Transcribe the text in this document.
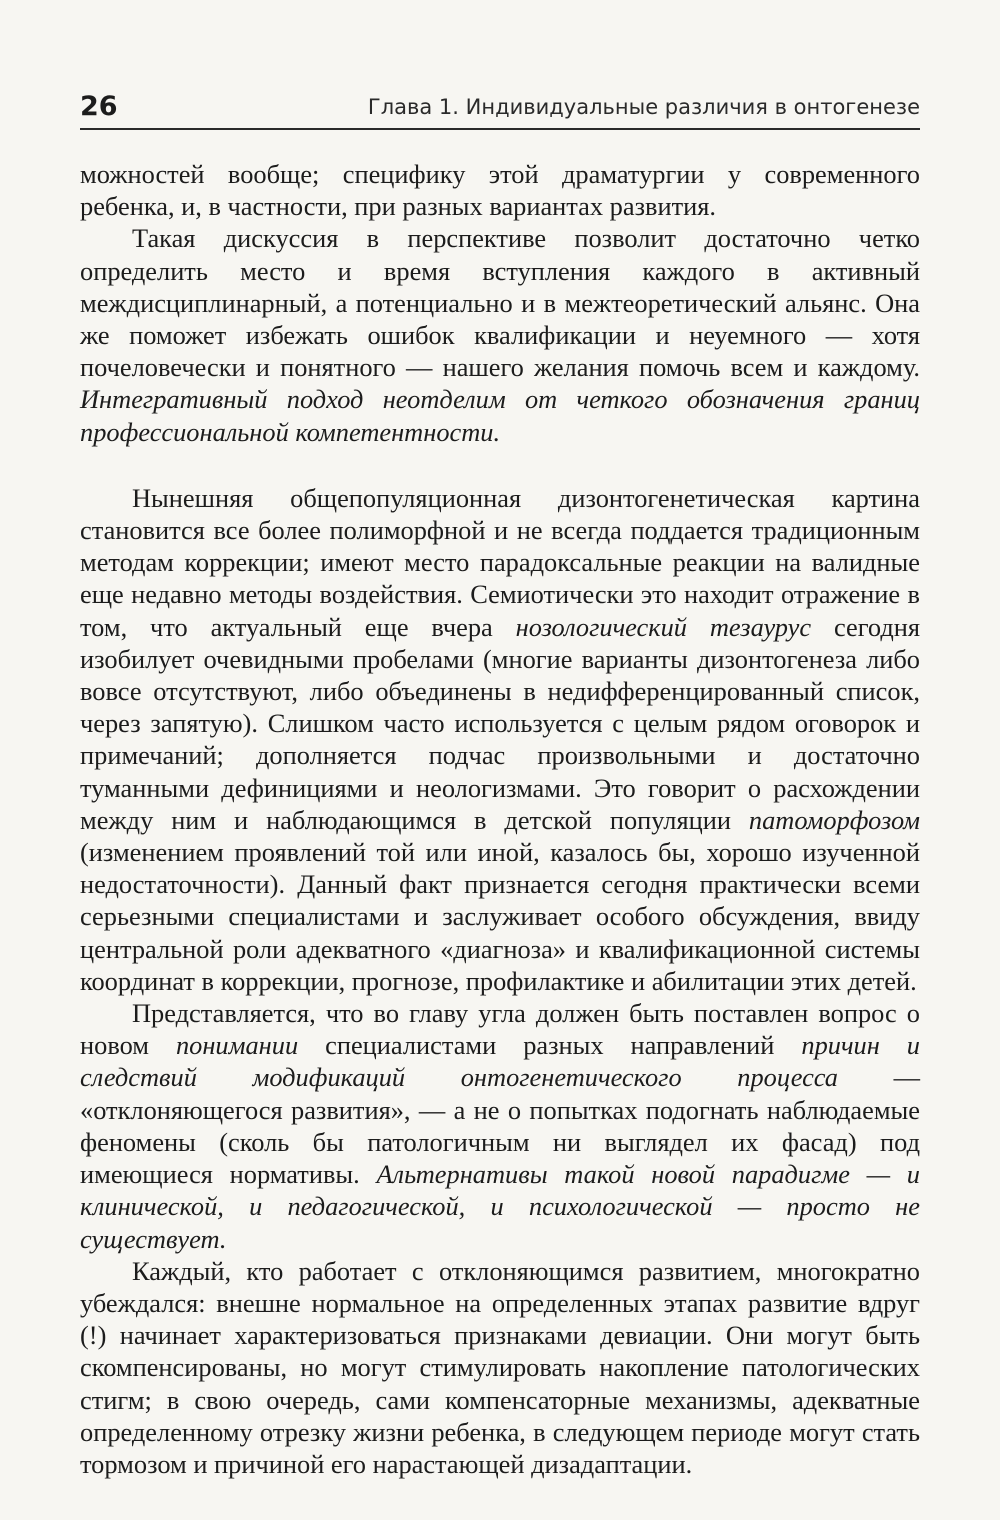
26	Глава 1. Индивидуальные различия в онтогенезе

можностей вообще; специфику этой драматургии у современного ребенка, и, в частности, при разных вариантах развития.

Такая дискуссия в перспективе позволит достаточно четко определить место и время вступления каждого в активный междисциплинарный, а потенциально и в межтеоретический альянс. Она же поможет избежать ошибок квалификации и неуемного — хотя почеловечески и понятного — нашего желания помочь всем и каждому. Интегративный подход неотделим от четкого обозначения границ профессиональной компетентности.

Нынешняя общепопуляционная дизонтогенетическая картина становится все более полиморфной и не всегда поддается традиционным методам коррекции; имеют место парадоксальные реакции на валидные еще недавно методы воздействия. Семиотически это находит отражение в том, что актуальный еще вчера нозологический тезаурус сегодня изобилует очевидными пробелами (многие варианты дизонтогенеза либо вовсе отсутствуют, либо объединены в недифференцированный список, через запятую). Слишком часто используется с целым рядом оговорок и примечаний; дополняется подчас произвольными и достаточно туманными дефинициями и неологизмами. Это говорит о расхождении между ним и наблюдающимся в детской популяции патоморфозом (изменением проявлений той или иной, казалось бы, хорошо изученной недостаточности). Данный факт признается сегодня практически всеми серьезными специалистами и заслуживает особого обсуждения, ввиду центральной роли адекватного «диагноза» и квалификационной системы координат в коррекции, прогнозе, профилактике и абилитации этих детей.

Представляется, что во главу угла должен быть поставлен вопрос о новом понимании специалистами разных направлений причин и следствий модификаций онтогенетического процесса — «отклоняющегося развития», — а не о попытках подогнать наблюдаемые феномены (сколь бы патологичным ни выглядел их фасад) под имеющиеся нормативы. Альтернативы такой новой парадигме — и клинической, и педагогической, и психологической — просто не существует.

Каждый, кто работает с отклоняющимся развитием, многократно убеждался: внешне нормальное на определенных этапах развитие вдруг (!) начинает характеризоваться признаками девиации. Они могут быть скомпенсированы, но могут стимулировать накопление патологических стигм; в свою очередь, сами компенсаторные механизмы, адекватные определенному отрезку жизни ребенка, в следующем периоде могут стать тормозом и причиной его нарастающей дизадаптации.
